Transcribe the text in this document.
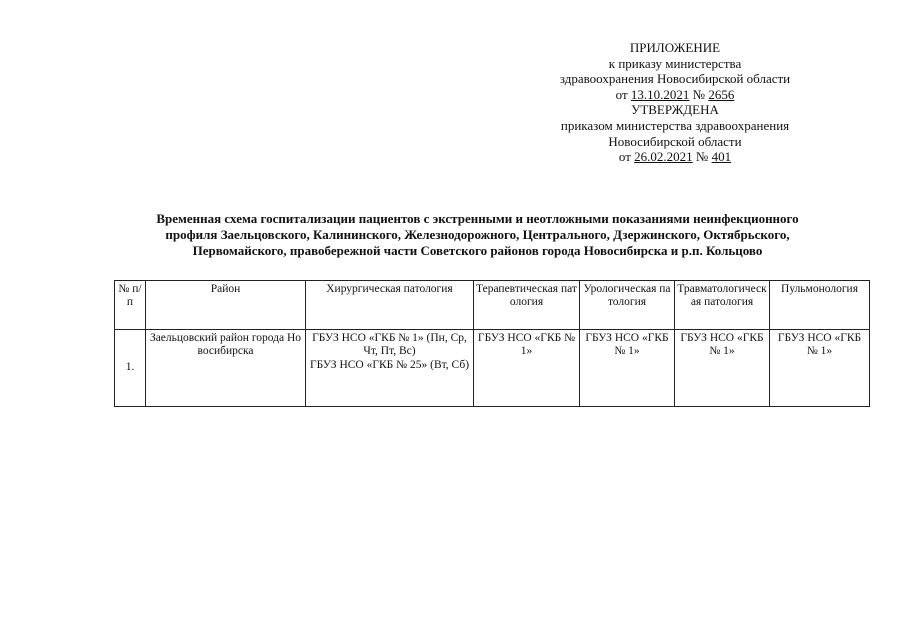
ПРИЛОЖЕНИЕ
к приказу министерства
здравоохранения Новосибирской области
от 13.10.2021 № 2656
УТВЕРЖДЕНА
приказом министерства здравоохранения
Новосибирской области
от 26.02.2021 № 401
Временная схема госпитализации пациентов с экстренными и неотложными показаниями неинфекционного
профиля Заельцовского, Калининского, Железнодорожного, Центрального, Дзержинского, Октябрьского,
Первомайского, правобережной части Советского районов города Новосибирска и р.п. Кольцово
№ п/п	Район	Хирургическая патология	Терапевтическая патология	Урологическая патология	Травматологическая патология	Пульмонология
1.	Заельцовский район города Новосибирска	ГБУЗ НСО «ГКБ № 1» (Пн, Ср, Чт, Пт, Вс)
ГБУЗ НСО «ГКБ № 25» (Вт, Сб)	ГБУЗ НСО «ГКБ № 1»	ГБУЗ НСО «ГКБ № 1»	ГБУЗ НСО «ГКБ № 1»	ГБУЗ НСО «ГКБ № 1»
